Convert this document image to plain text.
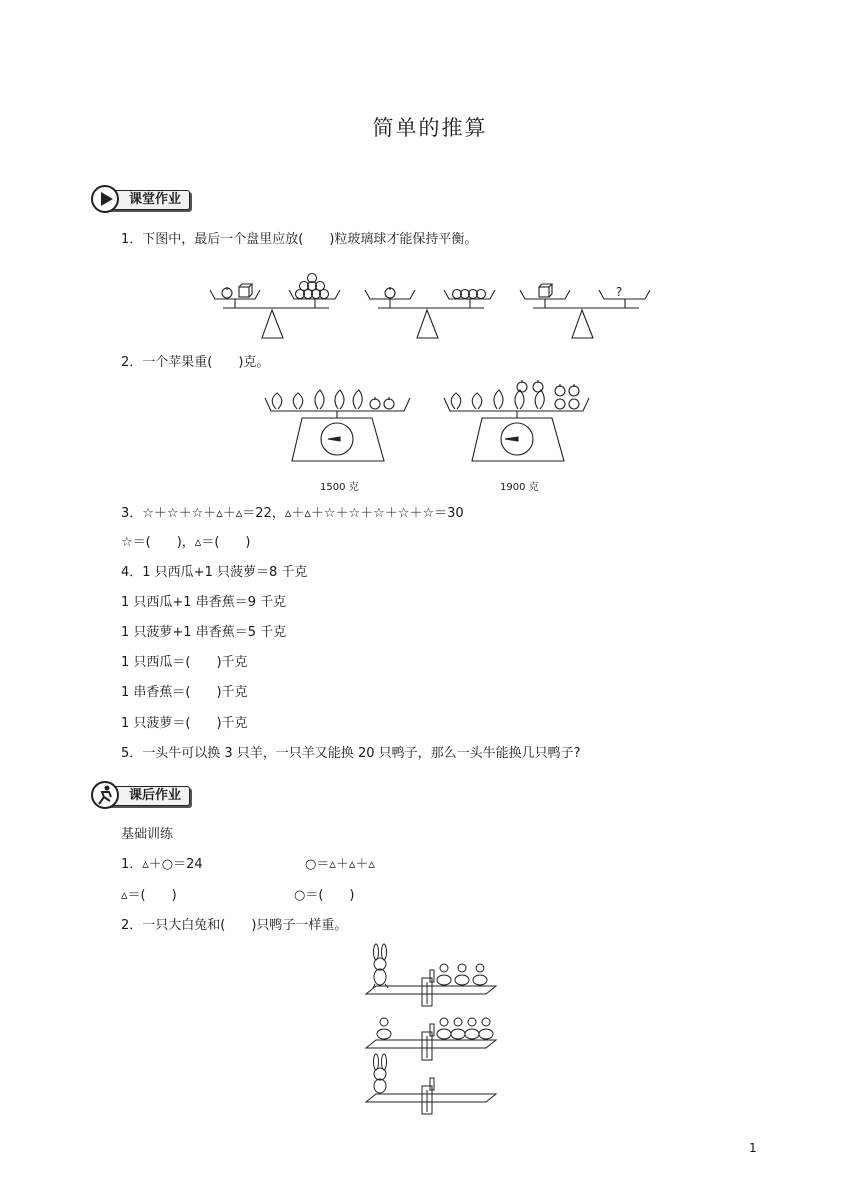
简单的推算
课堂作业
1．下图中，最后一个盘里应放(　　)粒玻璃球才能保持平衡。
?
2．一个苹果重(　　)克。
1500 克	1900 克
3．☆＋☆＋☆＋▵＋▵＝22，▵＋▵＋☆＋☆＋☆＋☆＋☆＝30
☆＝(　　)，▵＝(　　)
4．1 只西瓜+1 只菠萝＝8 千克
1 只西瓜+1 串香蕉＝9 千克
1 只菠萝+1 串香蕉＝5 千克
1 只西瓜＝(　　)千克
1 串香蕉＝(　　)千克
1 只菠萝＝(　　)千克
5．一头牛可以换 3 只羊，一只羊又能换 20 只鸭子，那么一头牛能换几只鸭子?
课后作业
基础训练
1．▵＋○＝24	○＝▵＋▵＋▵
▵＝(　　)	○＝(　　)
2．一只大白兔和(　　)只鸭子一样重。
1
